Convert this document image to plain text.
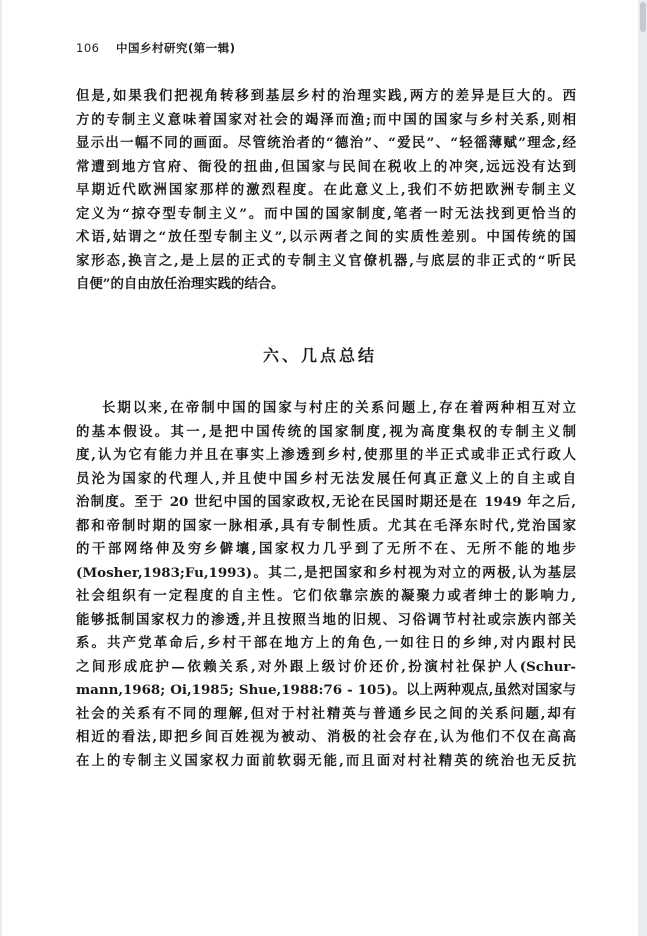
106 中国乡村研究(第一辑)
但是,如果我们把视角转移到基层乡村的治理实践,两方的差异是巨大的。西
方的专制主义意味着国家对社会的竭泽而渔;而中国的国家与乡村关系,则相
显示出一幅不同的画面。尽管统治者的“德治”、“爱民”、“轻徭薄赋”理念,经
常遭到地方官府、衙役的扭曲,但国家与民间在税收上的冲突,远远没有达到
早期近代欧洲国家那样的激烈程度。在此意义上,我们不妨把欧洲专制主义
定义为“掠夺型专制主义”。而中国的国家制度,笔者一时无法找到更恰当的
术语,姑谓之“放任型专制主义”,以示两者之间的实质性差别。中国传统的国
家形态,换言之,是上层的正式的专制主义官僚机器,与底层的非正式的“听民
自便”的自由放任治理实践的结合。
六、几点总结
长期以来,在帝制中国的国家与村庄的关系问题上,存在着两种相互对立
的基本假设。其一,是把中国传统的国家制度,视为高度集权的专制主义制
度,认为它有能力并且在事实上渗透到乡村,使那里的半正式或非正式行政人
员沦为国家的代理人,并且使中国乡村无法发展任何真正意义上的自主或自
治制度。至于 20 世纪中国的国家政权,无论在民国时期还是在 1949 年之后,
都和帝制时期的国家一脉相承,具有专制性质。尤其在毛泽东时代,党治国家
的干部网络伸及穷乡僻壤,国家权力几乎到了无所不在、无所不能的地步
(Mosher,1983;Fu,1993)。其二,是把国家和乡村视为对立的两极,认为基层
社会组织有一定程度的自主性。它们依靠宗族的凝聚力或者绅士的影响力,
能够抵制国家权力的渗透,并且按照当地的旧规、习俗调节村社或宗族内部关
系。共产党革命后,乡村干部在地方上的角色,一如往日的乡绅,对内跟村民
之间形成庇护—依赖关系,对外跟上级讨价还价,扮演村社保护人(Schur-
mann,1968; Oi,1985; Shue,1988:76 - 105)。以上两种观点,虽然对国家与
社会的关系有不同的理解,但对于村社精英与普通乡民之间的关系问题,却有
相近的看法,即把乡间百姓视为被动、消极的社会存在,认为他们不仅在高高
在上的专制主义国家权力面前软弱无能,而且面对村社精英的统治也无反抗
